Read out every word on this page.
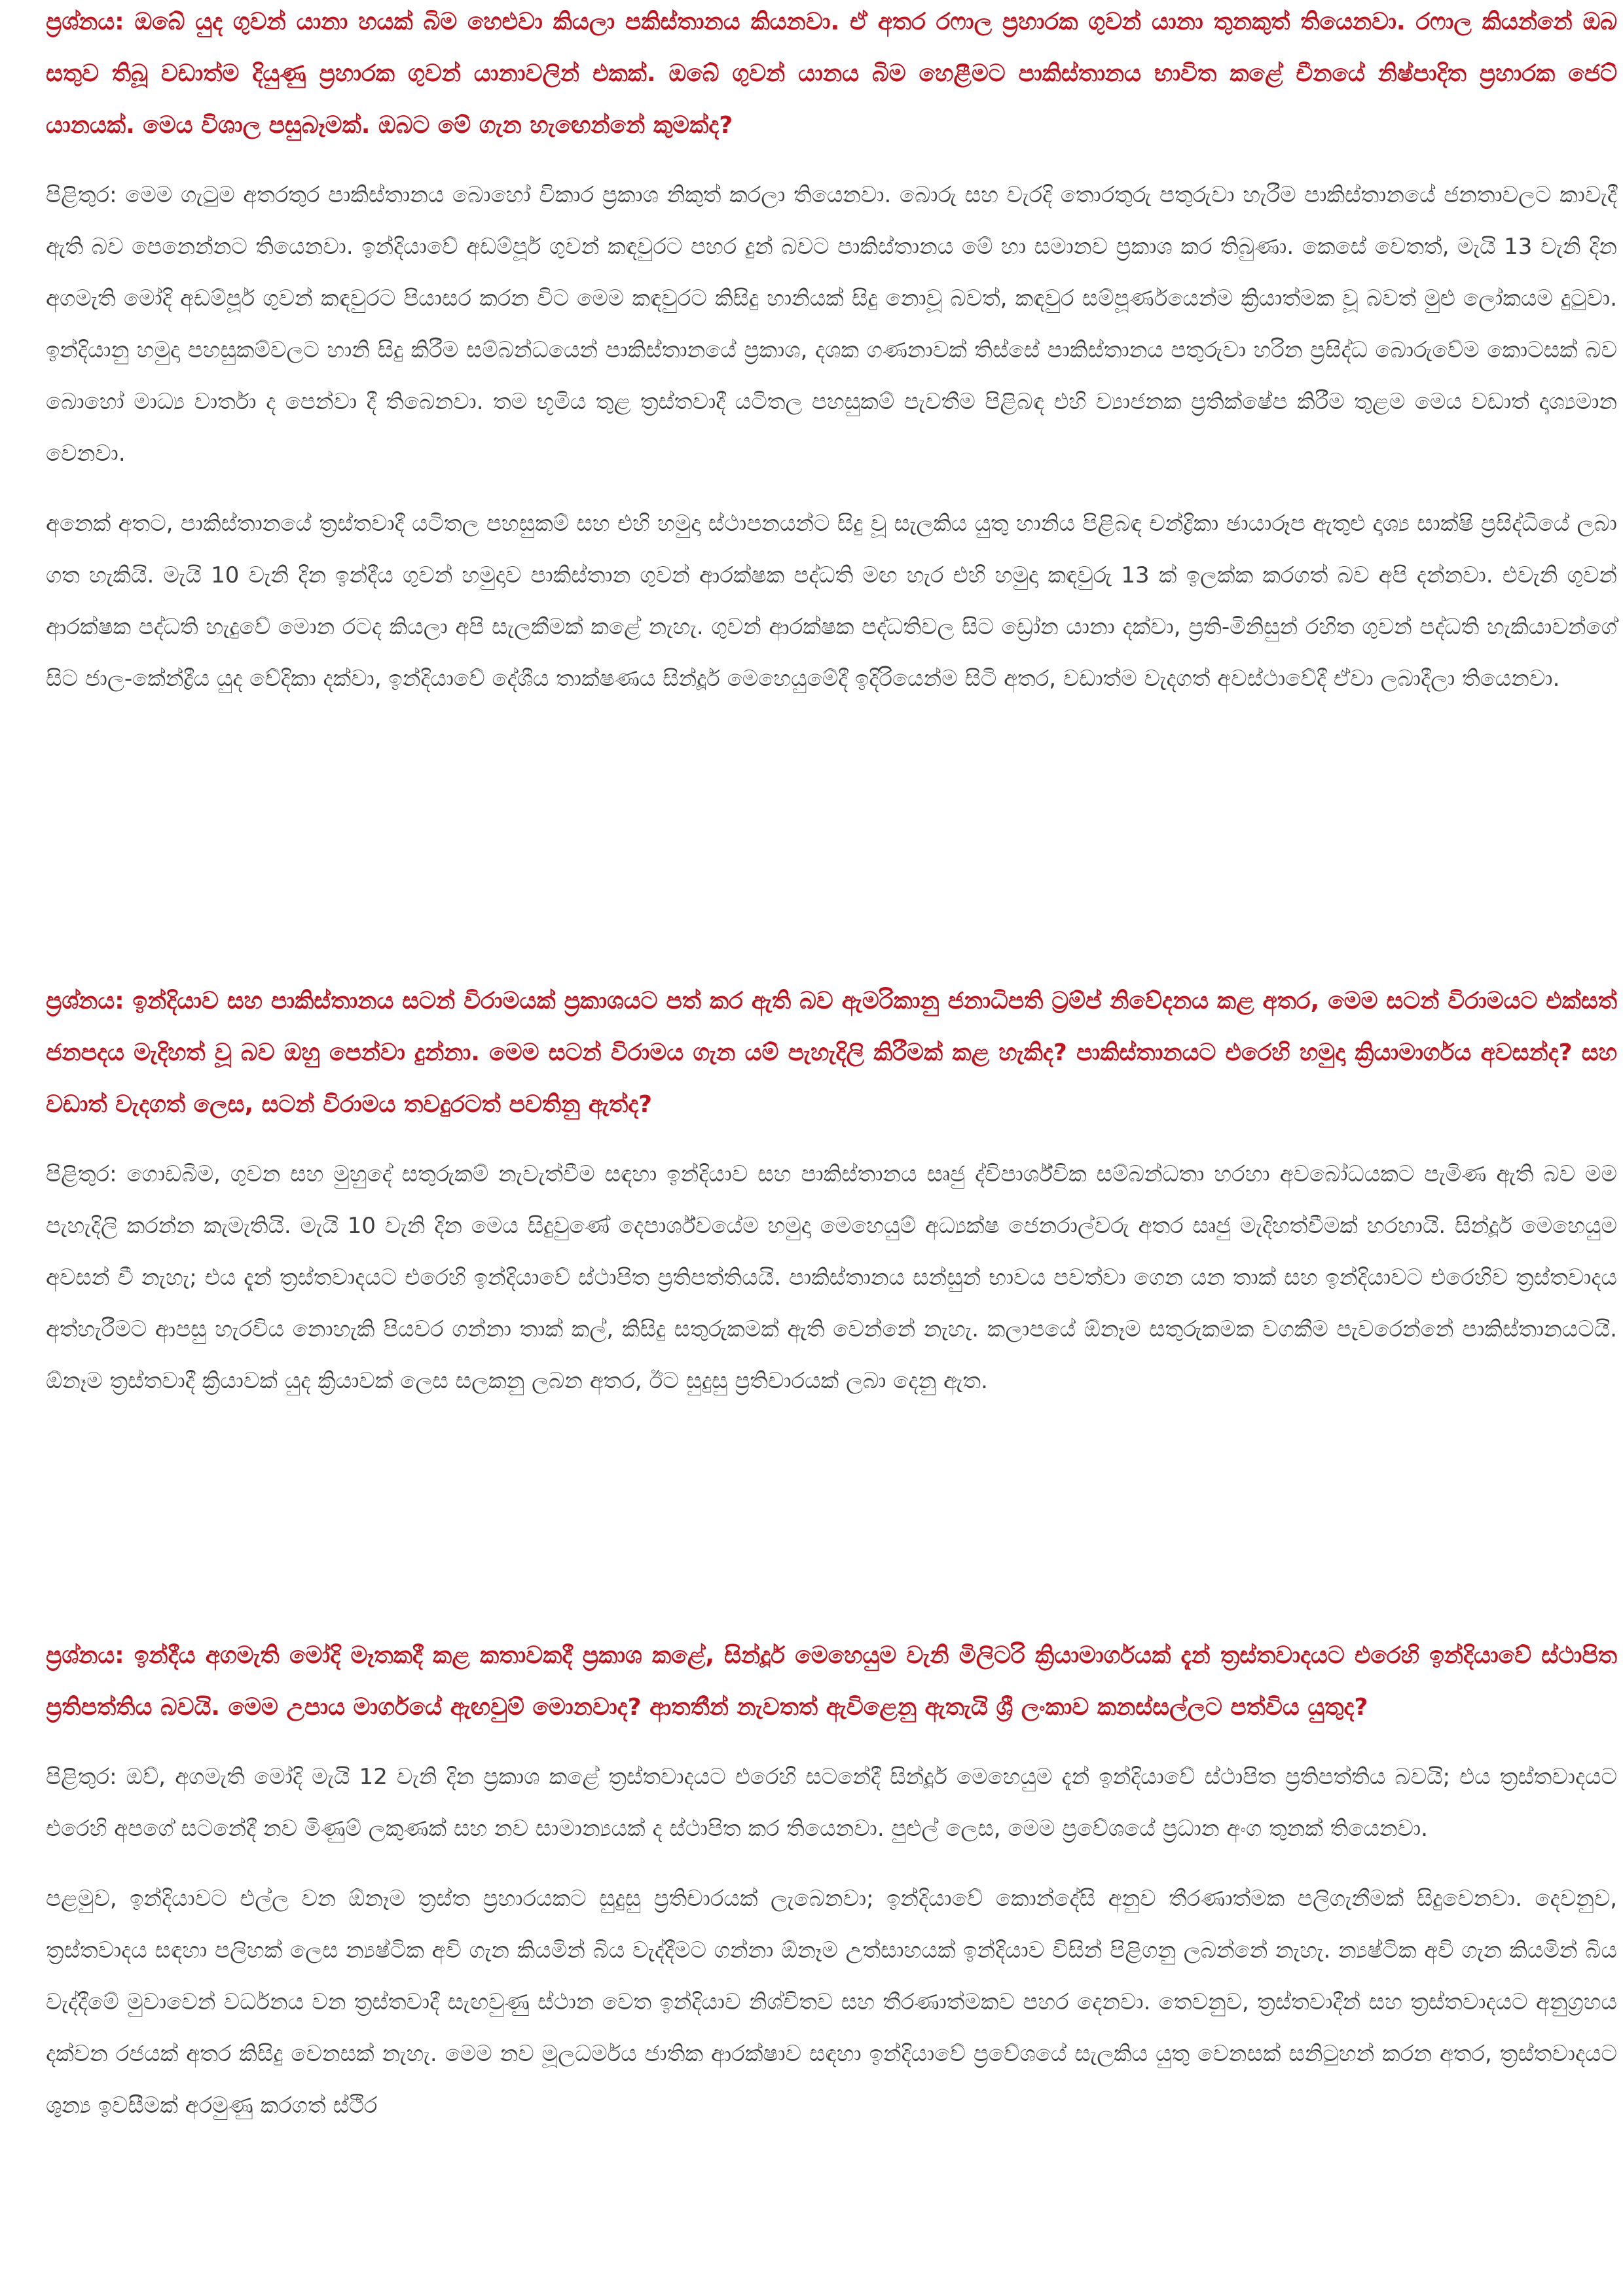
ප්‍රශ්නය: ඔබේ යුද ගුවන් යානා හයක් බිම හෙළුවා කියලා පකිස්තානය කියනවා. ඒ අතර රෆාල ප්‍රහාරක ගුවන් යානා තුනකුත් තියෙනවා. රෆාල කියන්නේ ඔබ සතුව තිබූ වඩාත්ම දියුණු ප්‍රහාරක ගුවන් යානාවලින් එකක්. ඔබේ ගුවන් යානය බිම හෙළීමට පාකිස්තානය භාවිත කළේ චීනයේ නිෂ්පාදිත ප්‍රහාරක ජෙට් යානයක්. මෙය විශාල පසුබෑමක්. ඔබට මේ ගැන හැඟෙන්නේ කුමක්ද?

පිළිතුර: මෙම ගැටුම අතරතුර පාකිස්තානය බොහෝ විකාර ප්‍රකාශ නිකුත් කරලා තියෙනවා. බොරු සහ වැරදි තොරතුරු පතුරුවා හැරීම පාකිස්තානයේ ජනතාවලට කාවැදී ඇති බව පෙනෙන්නට තියෙනවා. ඉන්දියාවේ අඩම්පූර් ගුවන් කඳවුරට පහර දුන් බවට පාකිස්තානය මේ හා සමානව ප්‍රකාශ කර තිබුණා. කෙසේ වෙතත්, මැයි 13 වැනි දින අගමැති මෝදි අඩම්පූර් ගුවන් කඳවුරට පියාසර කරන විට මෙම කඳවුරට කිසිදු හානියක් සිදු නොවූ බවත්, කඳවුර සම්පූර්ණයෙන්ම ක්‍රියාත්මක වූ බවත් මුළු ලෝකයම දුටුවා. ඉන්දියානු හමුදා පහසුකම්වලට හානි සිදු කිරීම සම්බන්ධයෙන් පාකිස්තානයේ ප්‍රකාශ, දශක ගණනාවක් තිස්සේ පාකිස්තානය පතුරුවා හරින ප්‍රසිද්ධ බොරුවේම කොටසක් බව බොහෝ මාධ්‍ය වාර්තා ද පෙන්වා දී තිබෙනවා. තම භූමිය තුළ ත්‍රස්තවාදී යටිතල පහසුකම් පැවතීම පිළිබඳ එහි ව්‍යාජනක ප්‍රතික්ෂේප කිරීම තුළම මෙය වඩාත් දෘශ්‍යමාන වෙනවා.

අනෙක් අතට, පාකිස්තානයේ ත්‍රස්තවාදී යටිතල පහසුකම් සහ එහි හමුදා ස්ථාපනයන්ට සිදු වූ සැලකිය යුතු හානිය පිළිබඳ චන්ද්‍රිකා ඡායාරූප ඇතුළු දෘශ්‍ය සාක්ෂි ප්‍රසිද්ධියේ ලබා ගත හැකියි. මැයි 10 වැනි දින ඉන්දීය ගුවන් හමුදාව පාකිස්තාන ගුවන් ආරක්ෂක පද්ධති මඟ හැර එහි හමුදා කඳවුරු 13 ක් ඉලක්ක කරගත් බව අපි දන්නවා. එවැනි ගුවන් ආරක්ෂක පද්ධති හැදුවේ මොන රටද කියලා අපි සැලකීමක් කළේ නැහැ. ගුවන් ආරක්ෂක පද්ධතිවල සිට ඩ්‍රෝන යානා දක්වා, ප්‍රති-මිනිසුන් රහිත ගුවන් පද්ධති හැකියාවන්ගේ සිට ජාල-කේන්ද්‍රීය යුද වේදිකා දක්වා, ඉන්දියාවේ දේශීය තාක්ෂණය සින්දූර් මෙහෙයුමේදී ඉදිරියෙන්ම සිටි අතර, වඩාත්ම වැදගත් අවස්ථාවේදී ඒවා ලබාදීලා තියෙනවා.

ප්‍රශ්නය: ඉන්දියාව සහ පාකිස්තානය සටන් විරාමයක් ප්‍රකාශයට පත් කර ඇති බව ඇමරිකානු ජනාධිපති ට්‍රම්ප් නිවේදනය කළ අතර, මෙම සටන් විරාමයට එක්සත් ජනපදය මැදිහත් වූ බව ඔහු පෙන්වා දුන්නා. මෙම සටන් විරාමය ගැන යම් පැහැදිලි කිරීමක් කළ හැකිද? පාකිස්තානයට එරෙහි හමුදා ක්‍රියාමාර්ගය අවසන්ද? සහ වඩාත් වැදගත් ලෙස, සටන් විරාමය තවදුරටත් පවතිනු ඇත්ද?

පිළිතුර: ගොඩබිම, ගුවන සහ මුහුදේ සතුරුකම් නැවැත්වීම සඳහා ඉන්දියාව සහ පාකිස්තානය සෘජු ද්විපාර්ශ්වික සම්බන්ධතා හරහා අවබෝධයකට පැමිණ ඇති බව මම පැහැදිලි කරන්න කැමැතියි. මැයි 10 වැනි දින මෙය සිදුවුණේ දෙපාර්ශ්වයේම හමුදා මෙහෙයුම් අධ්‍යක්ෂ ජෙනරාල්වරු අතර සෘජු මැදිහත්වීමක් හරහායි. සින්දූර් මෙහෙයුම අවසන් වී නැහැ; එය දැන් ත්‍රස්තවාදයට එරෙහි ඉන්දියාවේ ස්ථාපිත ප්‍රතිපත්තියයි. පාකිස්තානය සන්සුන් භාවය පවත්වා ගෙන යන තාක් සහ ඉන්දියාවට එරෙහිව ත්‍රස්තවාදය අත්හැරීමට ආපසු හැරවිය නොහැකි පියවර ගන්නා තාක් කල්, කිසිදු සතුරුකමක් ඇති වෙන්නේ නැහැ. කලාපයේ ඕනෑම සතුරුකමක වගකීම පැවරෙන්නේ පාකිස්තානයටයි. ඕනෑම ත්‍රස්තවාදී ක්‍රියාවක් යුද ක්‍රියාවක් ලෙස සලකනු ලබන අතර, ඊට සුදුසු ප්‍රතිචාරයක් ලබා දෙනු ඇත.

ප්‍රශ්නය: ඉන්දීය අගමැති මෝදි මෑතකදී කළ කතාවකදී ප්‍රකාශ කළේ, සින්දූර් මෙහෙයුම වැනි මිලිටරි ක්‍රියාමාර්ගයක් දැන් ත්‍රස්තවාදයට එරෙහි ඉන්දියාවේ ස්ථාපිත ප්‍රතිපත්තිය බවයි. මෙම උපාය මාර්ගයේ ඇඟවුම් මොනවාද? ආතතීන් නැවතත් ඇවිළෙනු ඇතැයි ශ්‍රී ලංකාව කනස්සල්ලට පත්විය යුතුද?

පිළිතුර: ඔව්, අගමැති මෝදි මැයි 12 වැනි දින ප්‍රකාශ කළේ ත්‍රස්තවාදයට එරෙහි සටනේදී සින්දූර් මෙහෙයුම දැන් ඉන්දියාවේ ස්ථාපිත ප්‍රතිපත්තිය බවයි; එය ත්‍රස්තවාදයට එරෙහි අපගේ සටනේදී නව මිණුම් ලකුණක් සහ නව සාමාන්‍යයක් ද ස්ථාපිත කර තියෙනවා. පුළුල් ලෙස, මෙම ප්‍රවේශයේ ප්‍රධාන අංග තුනක් තියෙනවා.

පළමුව, ඉන්දියාවට එල්ල වන ඕනෑම ත්‍රස්ත ප්‍රහාරයකට සුදුසු ප්‍රතිචාරයක් ලැබෙනවා; ඉන්දියාවේ කොන්දේසි අනුව තීරණාත්මක පලිගැනීමක් සිදුවෙනවා. දෙවනුව, ත්‍රස්තවාදය සඳහා පලිහක් ලෙස න්‍යෂ්ටික අවි ගැන කියමින් බිය වැද්දීමට ගන්නා ඕනෑම උත්සාහයක් ඉන්දියාව විසින් පිළිගනු ලබන්නේ නැහැ. න්‍යෂ්ටික අවි ගැන කියමින් බිය වැද්දීමේ මුවාවෙන් වර්ධනය වන ත්‍රස්තවාදී සැඟවුණු ස්ථාන වෙත ඉන්දියාව නිශ්චිතව සහ තීරණාත්මකව පහර දෙනවා. තෙවනුව, ත්‍රස්තවාදීන් සහ ත්‍රස්තවාදයට අනුග්‍රහය දක්වන රජයක් අතර කිසිදු වෙනසක් නැහැ. මෙම නව මූලධර්මය ජාතික ආරක්ෂාව සඳහා ඉන්දියාවේ ප්‍රවේශයේ සැලකිය යුතු වෙනසක් සනිටුහන් කරන අතර, ත්‍රස්තවාදයට ශුන්‍ය ඉවසීමක් අරමුණු කරගත් ස්ථිර
